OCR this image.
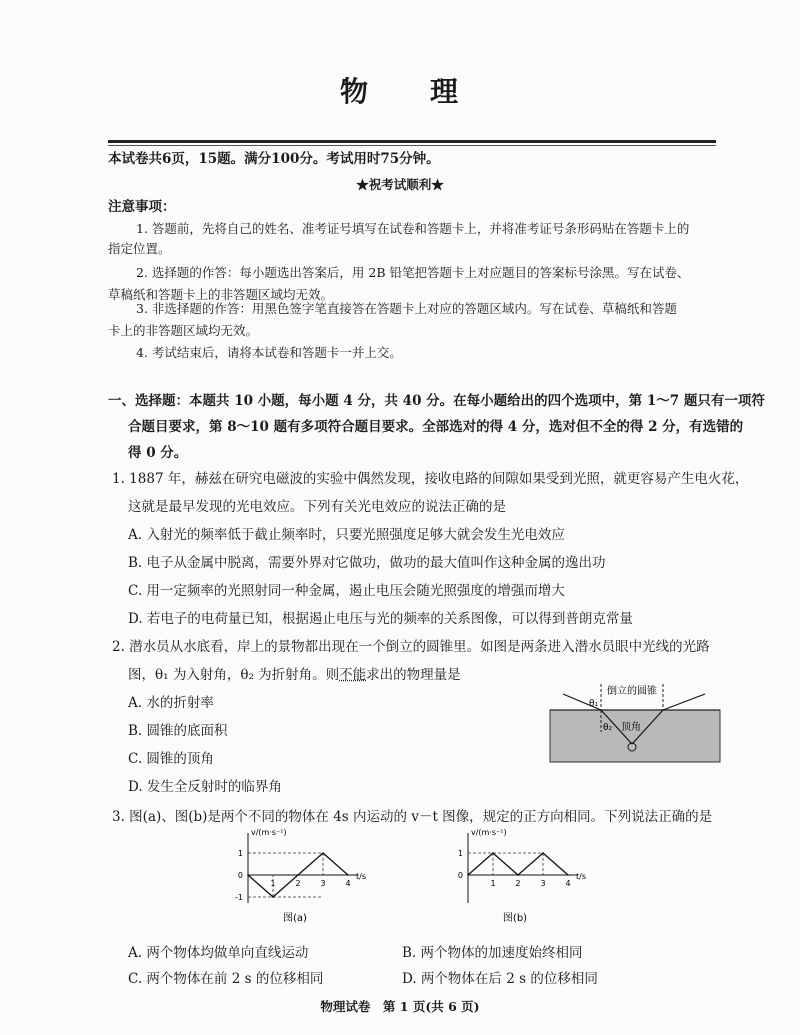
物　　理
本试卷共6页，15题。满分100分。考试用时75分钟。
★祝考试顺利★
注意事项：
1. 答题前，先将自己的姓名、准考证号填写在试卷和答题卡上，并将准考证号条形码贴在答题卡上的
指定位置。
2. 选择题的作答：每小题选出答案后，用 2B 铅笔把答题卡上对应题目的答案标号涂黑。写在试卷、
草稿纸和答题卡上的非答题区域均无效。
3. 非选择题的作答：用黑色签字笔直接答在答题卡上对应的答题区域内。写在试卷、草稿纸和答题
卡上的非答题区域均无效。
4. 考试结束后，请将本试卷和答题卡一并上交。
一、选择题：本题共 10 小题，每小题 4 分，共 40 分。在每小题给出的四个选项中，第 1～7 题只有一项符
合题目要求，第 8～10 题有多项符合题目要求。全部选对的得 4 分，选对但不全的得 2 分，有选错的
得 0 分。
1. 1887 年，赫兹在研究电磁波的实验中偶然发现，接收电路的间隙如果受到光照，就更容易产生电火花，
这就是最早发现的光电效应。下列有关光电效应的说法正确的是
A. 入射光的频率低于截止频率时，只要光照强度足够大就会发生光电效应
B. 电子从金属中脱离，需要外界对它做功，做功的最大值叫作这种金属的逸出功
C. 用一定频率的光照射同一种金属，遏止电压会随光照强度的增强而增大
D. 若电子的电荷量已知，根据遏止电压与光的频率的关系图像，可以得到普朗克常量
2. 潜水员从水底看，岸上的景物都出现在一个倒立的圆锥里。如图是两条进入潜水员眼中光线的光路
图，θ₁ 为入射角，θ₂ 为折射角。则不能求出的物理量是
A. 水的折射率
B. 圆锥的底面积
C. 圆锥的顶角
D. 发生全反射时的临界角
θ₁
θ₂
倒立的圆锥
顶角
3. 图(a)、图(b)是两个不同的物体在 4s 内运动的 v－t 图像，规定的正方向相同。下列说法正确的是
v/(m·s⁻¹)
t/s
1
0
-1
1 2 3 4
图(a)
v/(m·s⁻¹)
t/s
1
0
1 2 3 4
图(b)
A. 两个物体均做单向直线运动	B. 两个物体的加速度始终相同
C. 两个物体在前 2 s 的位移相同	D. 两个物体在后 2 s 的位移相同
物理试卷　第 1 页(共 6 页)
